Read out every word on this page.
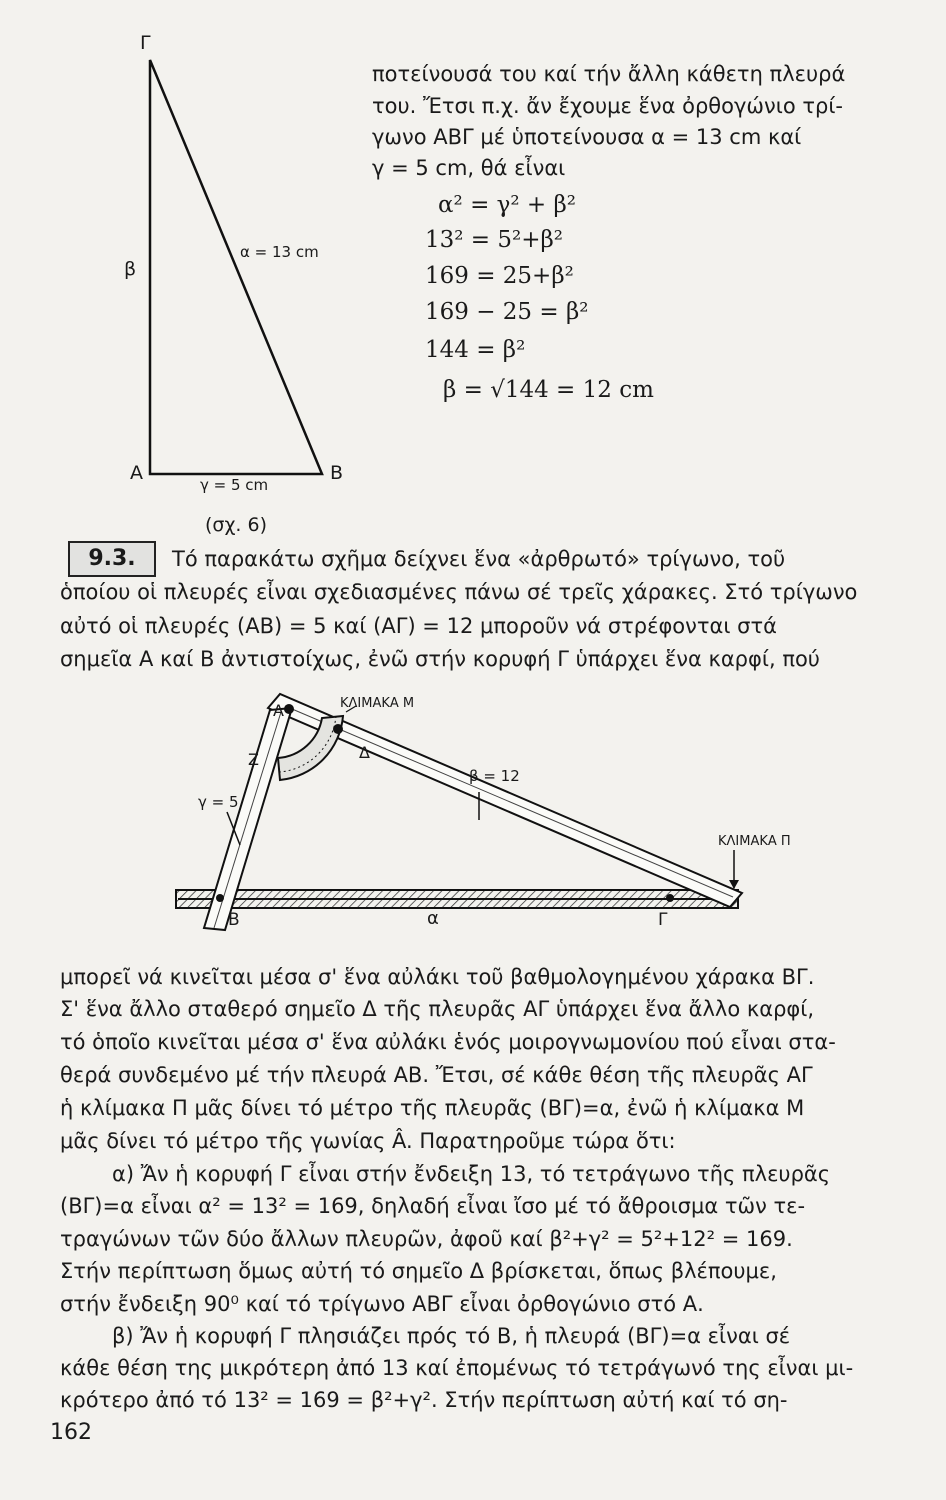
Γ
β
α = 13 cm
A	B
γ = 5 cm
(σχ. 6)
ποτείνουσά του καί τήν ἄλλη κάθετη πλευρά
του. Ἔτσι π.χ. ἄν ἔχουμε ἕνα ὀρθογώνιο τρί-
γωνο ΑΒΓ μέ ὑποτείνουσα α = 13 cm καί
γ = 5 cm, θά εἶναι
α² = γ² + β²
13² = 5²+β²
169 = 25+β²
169 − 25 = β²
144 = β²
β = √144 = 12 cm
9.3.	Τό παρακάτω σχῆμα δείχνει ἕνα «ἀρθρωτό» τρίγωνο, τοῦ
ὁποίου οἱ πλευρές εἶναι σχεδιασμένες πάνω σέ τρεῖς χάρακες. Στό τρίγωνο
αὐτό οἱ πλευρές (ΑΒ) = 5 καί (ΑΓ) = 12 μποροῦν νά στρέφονται στά
σημεῖα Α καί Β ἀντιστοίχως, ἐνῶ στήν κορυφή Γ ὑπάρχει ἕνα καρφί, πού
A	ΚΛΙΜΑΚΑ Μ
Δ
Z
β = 12
γ = 5
ΚΛΙΜΑΚΑ Π
B	α	Γ
μπορεῖ νά κινεῖται μέσα σ' ἕνα αὐλάκι τοῦ βαθμολογημένου χάρακα ΒΓ.
Σ' ἕνα ἄλλο σταθερό σημεῖο Δ τῆς πλευρᾶς ΑΓ ὑπάρχει ἕνα ἄλλο καρφί,
τό ὁποῖο κινεῖται μέσα σ' ἕνα αὐλάκι ἑνός μοιρογνωμονίου πού εἶναι στα-
θερά συνδεμένο μέ τήν πλευρά ΑΒ. Ἔτσι, σέ κάθε θέση τῆς πλευρᾶς ΑΓ
ἡ κλίμακα Π μᾶς δίνει τό μέτρο τῆς πλευρᾶς (ΒΓ)=α, ἐνῶ ἡ κλίμακα Μ
μᾶς δίνει τό μέτρο τῆς γωνίας Â. Παρατηροῦμε τώρα ὅτι:
α) Ἄν ἡ κορυφή Γ εἶναι στήν ἔνδειξη 13, τό τετράγωνο τῆς πλευρᾶς
(ΒΓ)=α εἶναι α² = 13² = 169, δηλαδή εἶναι ἴσο μέ τό ἄθροισμα τῶν τε-
τραγώνων τῶν δύο ἄλλων πλευρῶν, ἀφοῦ καί β²+γ² = 5²+12² = 169.
Στήν περίπτωση ὅμως αὐτή τό σημεῖο Δ βρίσκεται, ὅπως βλέπουμε,
στήν ἔνδειξη 90⁰ καί τό τρίγωνο ΑΒΓ εἶναι ὀρθογώνιο στό Α.
β) Ἄν ἡ κορυφή Γ πλησιάζει πρός τό Β, ἡ πλευρά (ΒΓ)=α εἶναι σέ
κάθε θέση της μικρότερη ἀπό 13 καί ἐπομένως τό τετράγωνό της εἶναι μι-
κρότερο ἀπό τό 13² = 169 = β²+γ². Στήν περίπτωση αὐτή καί τό ση-
162
